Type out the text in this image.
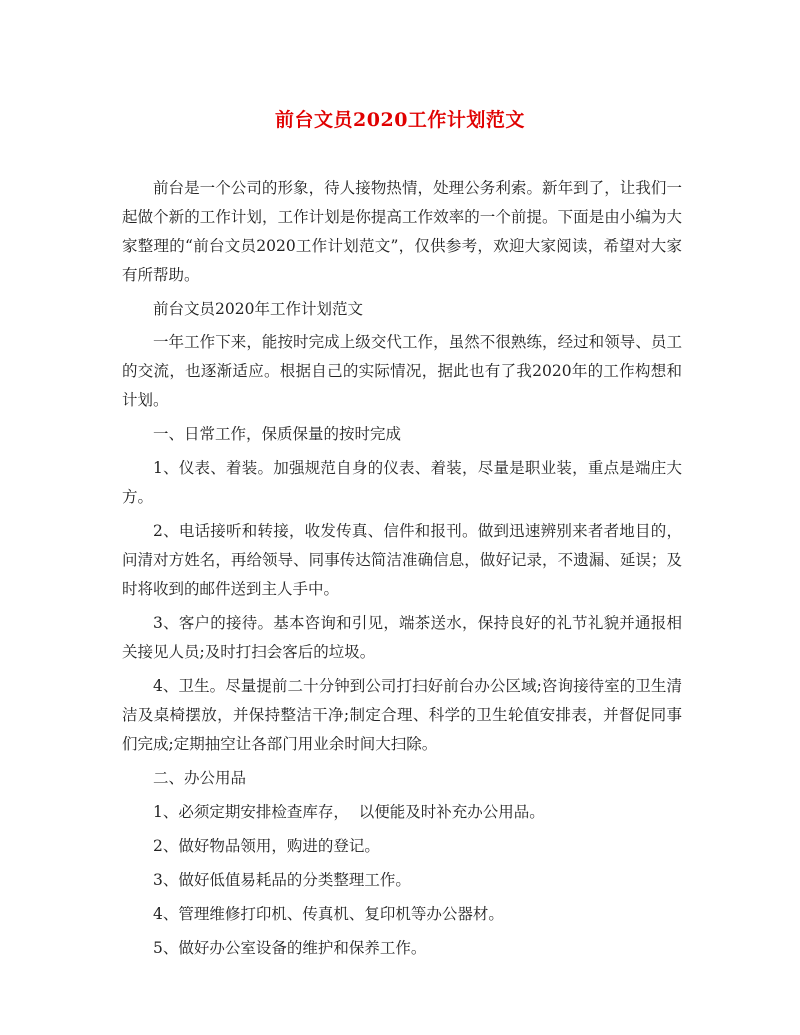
前台文员2020工作计划范文

前台是一个公司的形象，待人接物热情，处理公务利索。新年到了，让我们一起做个新的工作计划，工作计划是你提高工作效率的一个前提。下面是由小编为大家整理的“前台文员2020工作计划范文”，仅供参考，欢迎大家阅读，希望对大家有所帮助。

前台文员2020年工作计划范文

一年工作下来，能按时完成上级交代工作，虽然不很熟练，经过和领导、员工的交流，也逐渐适应。根据自己的实际情况，据此也有了我2020年的工作构想和计划。

一、日常工作，保质保量的按时完成

1、仪表、着装。加强规范自身的仪表、着装，尽量是职业装，重点是端庄大方。

2、电话接听和转接，收发传真、信件和报刊。做到迅速辨别来者者地目的，问清对方姓名，再给领导、同事传达简洁准确信息，做好记录，不遗漏、延误；及时将收到的邮件送到主人手中。

3、客户的接待。基本咨询和引见，端茶送水，保持良好的礼节礼貌并通报相关接见人员;及时打扫会客后的垃圾。

4、卫生。尽量提前二十分钟到公司打扫好前台办公区域;咨询接待室的卫生清洁及桌椅摆放，并保持整洁干净;制定合理、科学的卫生轮值安排表，并督促同事们完成;定期抽空让各部门用业余时间大扫除。

二、办公用品

1、必须定期安排检查库存，  以便能及时补充办公用品。

2、做好物品领用，购进的登记。

3、做好低值易耗品的分类整理工作。

4、管理维修打印机、传真机、复印机等办公器材。

5、做好办公室设备的维护和保养工作。
